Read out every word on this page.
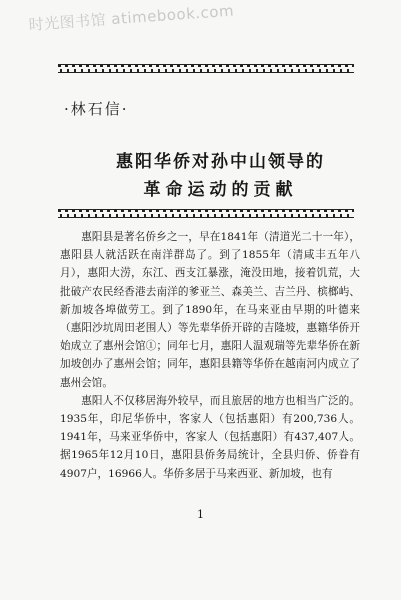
时光图书馆 atimebook.com
·林石信·
惠阳华侨对孙中山领导的
革命运动的贡献

惠阳县是著名侨乡之一，早在1841年（清道光二十一年），惠阳县人就活跃在南洋群岛了。到了1855年（清咸丰五年八月），惠阳大涝，东江、西支江暴涨，淹没田地，接着饥荒，大批破产农民经香港去南洋的爹亚兰、森美兰、吉兰丹、槟榔屿、新加坡各埠做劳工。到了1890年，在马来亚由早期的叶德来（惠阳沙坑周田老围人）等先辈华侨开辟的吉隆坡，惠籍华侨开始成立了惠州会馆①；同年七月，惠阳人温观瑞等先辈华侨在新加坡创办了惠州会馆；同年，惠阳县籍等华侨在越南河内成立了惠州会馆。

惠阳人不仅移居海外较早，而且旅居的地方也相当广泛的。1935年，印尼华侨中，客家人（包括惠阳）有200,736人。1941年，马来亚华侨中，客家人（包括惠阳）有437,407人。据1965年12月10日，惠阳县侨务局统计，全县归侨、侨眷有4907户，16966人。华侨多居于马来西亚、新加坡，也有

1
